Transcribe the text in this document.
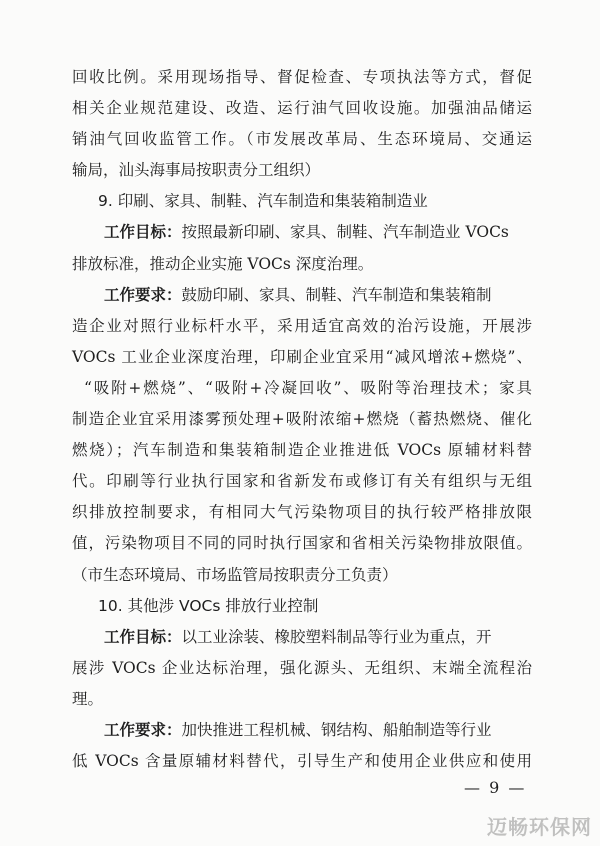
回收比例。采用现场指导、督促检查、专项执法等方式，督促
相关企业规范建设、改造、运行油气回收设施。加强油品储运
销油气回收监管工作。（市发展改革局、生态环境局、交通运
输局，汕头海事局按职责分工组织）
9. 印刷、家具、制鞋、汽车制造和集装箱制造业
工作目标：按照最新印刷、家具、制鞋、汽车制造业 VOCs
排放标准，推动企业实施 VOCs 深度治理。
工作要求：鼓励印刷、家具、制鞋、汽车制造和集装箱制
造企业对照行业标杆水平，采用适宜高效的治污设施，开展涉
VOCs 工业企业深度治理，印刷企业宜采用“减风增浓+燃烧”、
“吸附+燃烧”、“吸附+冷凝回收”、吸附等治理技术；家具
制造企业宜采用漆雾预处理+吸附浓缩+燃烧（蓄热燃烧、催化
燃烧）；汽车制造和集装箱制造企业推进低 VOCs 原辅材料替
代。印刷等行业执行国家和省新发布或修订有关有组织与无组
织排放控制要求，有相同大气污染物项目的执行较严格排放限
值，污染物项目不同的同时执行国家和省相关污染物排放限值。
（市生态环境局、市场监管局按职责分工负责）
10. 其他涉 VOCs 排放行业控制
工作目标：以工业涂装、橡胶塑料制品等行业为重点，开
展涉 VOCs 企业达标治理，强化源头、无组织、末端全流程治
理。
工作要求：加快推进工程机械、钢结构、船舶制造等行业
低 VOCs 含量原辅材料替代，引导生产和使用企业供应和使用
— 9 —
迈畅环保网
